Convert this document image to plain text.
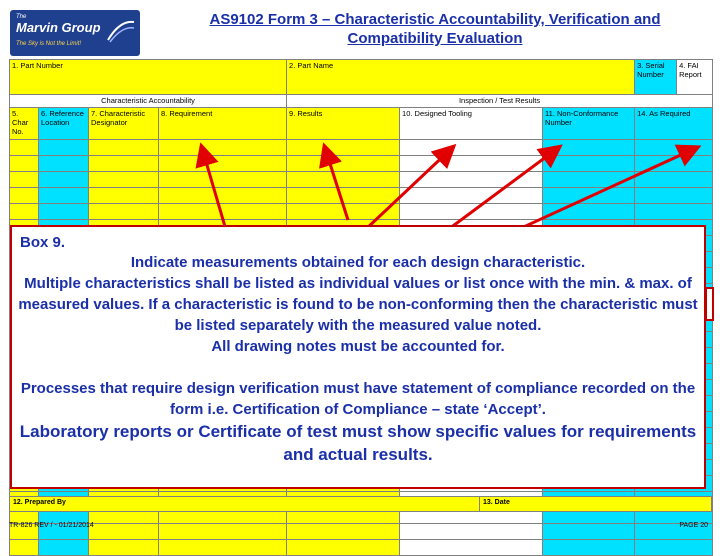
The
Marvin Group
The Sky is Not the Limit!
AS9102 Form 3 – Characteristic Accountability, Verification and
Compatibility Evaluation
1. Part Number				2. Part Name			3. Serial Number	4. FAI Report
Characteristic Accountability				Inspection / Test Results				
5. Char No.	6. Reference Location	7. Characteristic Designator	8. Requirement	9. Results	10. Designed Tooling	11. Non-Conformance Number	14. As Required	

12. Prepared By	13. Date
TR-826 REV / - 01/21/2014	PAGE 20
Box 9.
Indicate measurements obtained for each design characteristic.
Multiple characteristics shall be listed as individual values or list once with the min. & max. of measured values. If a characteristic is found to be non-conforming then the characteristic must be listed separately with the measured value noted.
All drawing notes must be accounted for.
Processes that require design verification must have statement of compliance recorded on the form i.e. Certification of Compliance – state ‘Accept’.
Laboratory reports or Certificate of test must show specific values for requirements and actual results.
